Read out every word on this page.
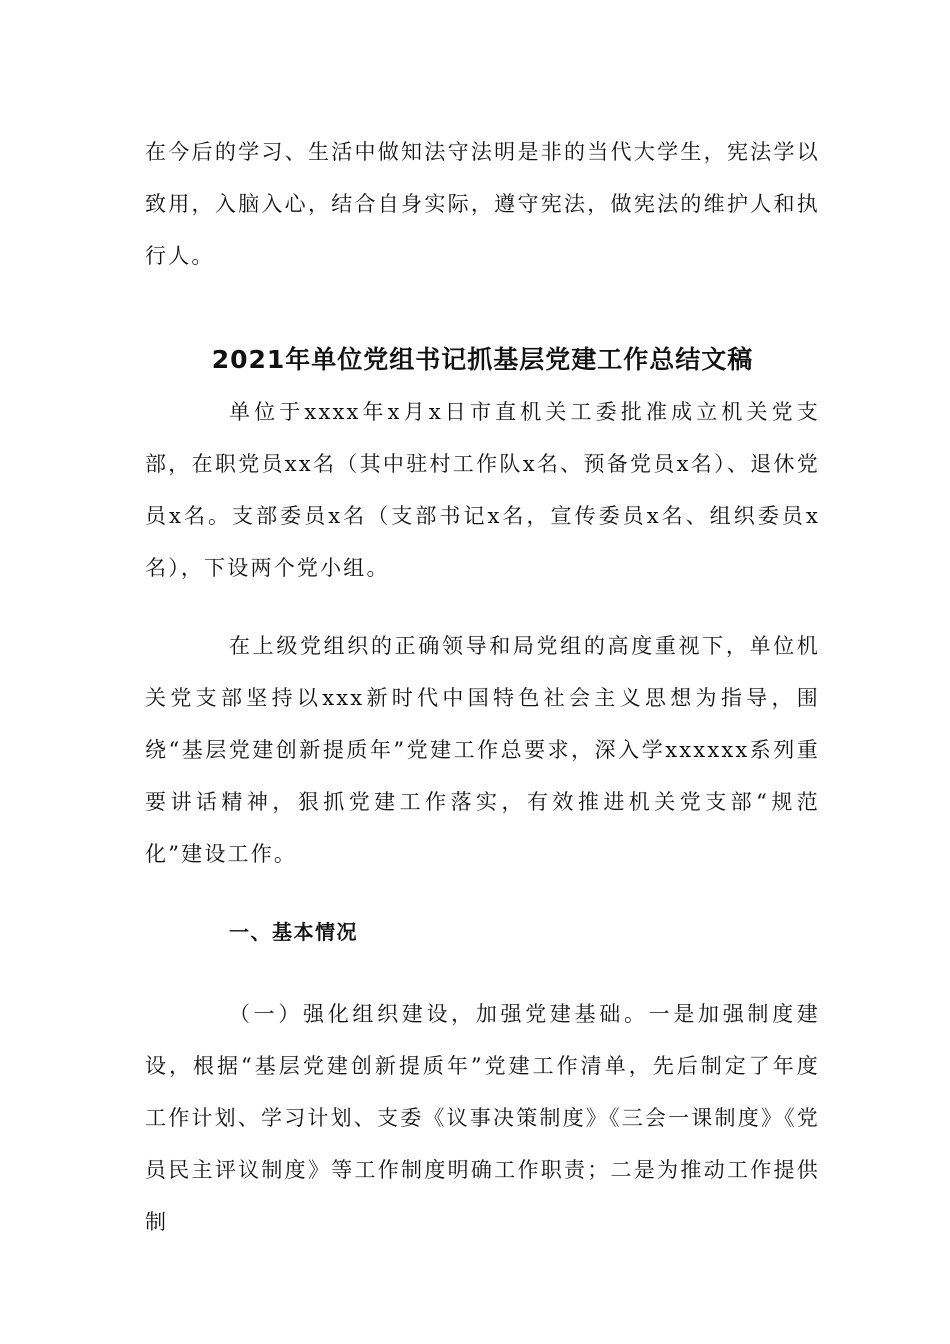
在今后的学习、生活中做知法守法明是非的当代大学生，宪法学以致用，入脑入心，结合自身实际，遵守宪法，做宪法的维护人和执行人。

2021年单位党组书记抓基层党建工作总结文稿

单位于xxxx年x月x日市直机关工委批准成立机关党支部，在职党员xx名（其中驻村工作队x名、预备党员x名）、退休党员x名。支部委员x名（支部书记x名，宣传委员x名、组织委员x名），下设两个党小组。

在上级党组织的正确领导和局党组的高度重视下，单位机关党支部坚持以xxx新时代中国特色社会主义思想为指导，围绕“基层党建创新提质年”党建工作总要求，深入学xxxxxx系列重要讲话精神，狠抓党建工作落实，有效推进机关党支部“规范化”建设工作。

一、基本情况

（一）强化组织建设，加强党建基础。一是加强制度建设，根据“基层党建创新提质年”党建工作清单，先后制定了年度工作计划、学习计划、支委《议事决策制度》《三会一课制度》《党员民主评议制度》等工作制度明确工作职责；二是为推动工作提供制
